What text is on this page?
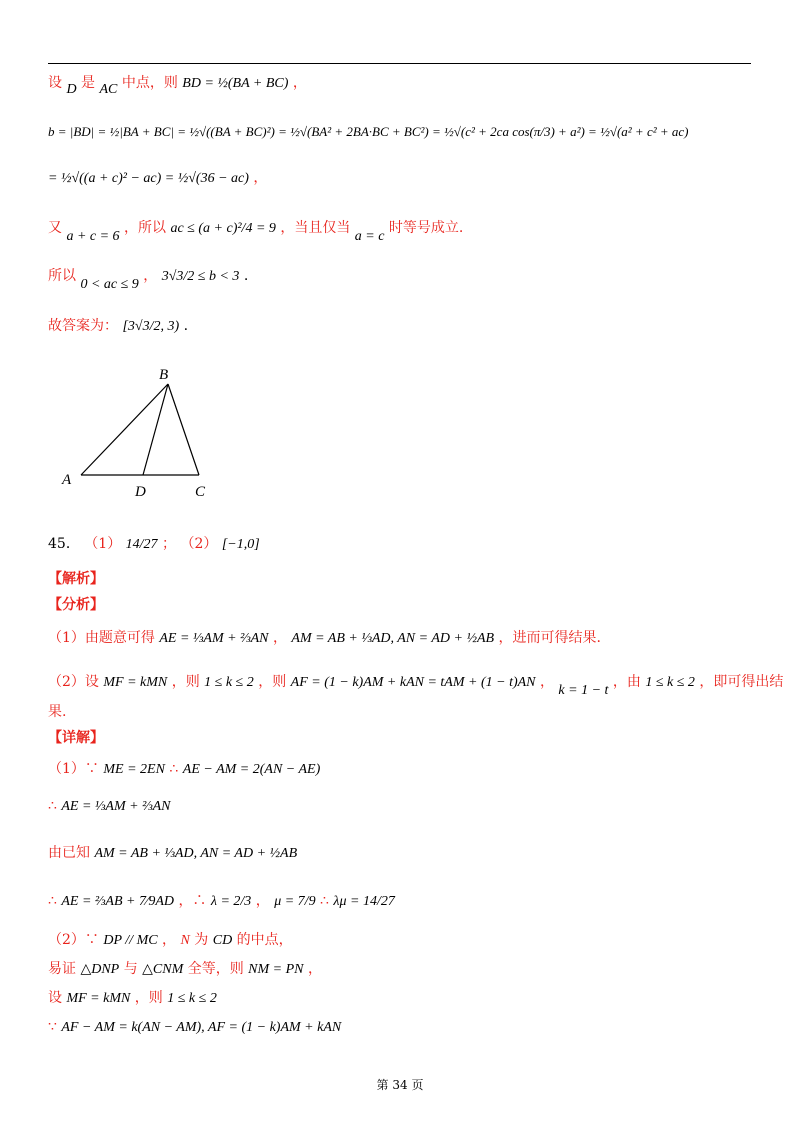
设 D 是 AC 中点，则 BD = ½(BA + BC) ，
b = |BD| = ½|BA + BC| = ½√((BA + BC)²) = ½√(BA² + 2BA·BC + BC²) = ½√(c² + 2ca cos(π/3) + a²) = ½√(a² + c² + ac)
= ½√((a + c)² − ac) = ½√(36 − ac) ，
又 a + c = 6 ，所以 ac ≤ (a + c)²/4 = 9 ，当且仅当 a = c 时等号成立.
所以 0 < ac ≤ 9 ， 3√3/2 ≤ b < 3 .
故答案为： [3√3/2, 3) .
B
A
D	C
45． （1） 14/27 ； （2） [−1,0]
【解析】
【分析】
（1）由题意可得 AE = ⅓AM + ⅔AN ， AM = AB + ⅓AD, AN = AD + ½AB ，进而可得结果.
（2）设 MF = kMN ，则 1 ≤ k ≤ 2 ，则 AF = (1 − k)AM + kAN = tAM + (1 − t)AN ， k = 1 − t ，由 1 ≤ k ≤ 2 ，即可得出结
果.
【详解】
（1）∵ ME = 2EN ∴ AE − AM = 2(AN − AE)
∴ AE = ⅓AM + ⅔AN
由已知 AM = AB + ⅓AD, AN = AD + ½AB
∴ AE = ⅔AB + 7⁄9AD ，∴ λ = 2/3 ， μ = 7/9 ∴ λμ = 14/27
（2）∵ DP // MC ， N 为 CD 的中点，
易证 △DNP 与 △CNM 全等，则 NM = PN ，
设 MF = kMN ，则 1 ≤ k ≤ 2
∵ AF − AM = k(AN − AM), AF = (1 − k)AM + kAN
第 34 页
